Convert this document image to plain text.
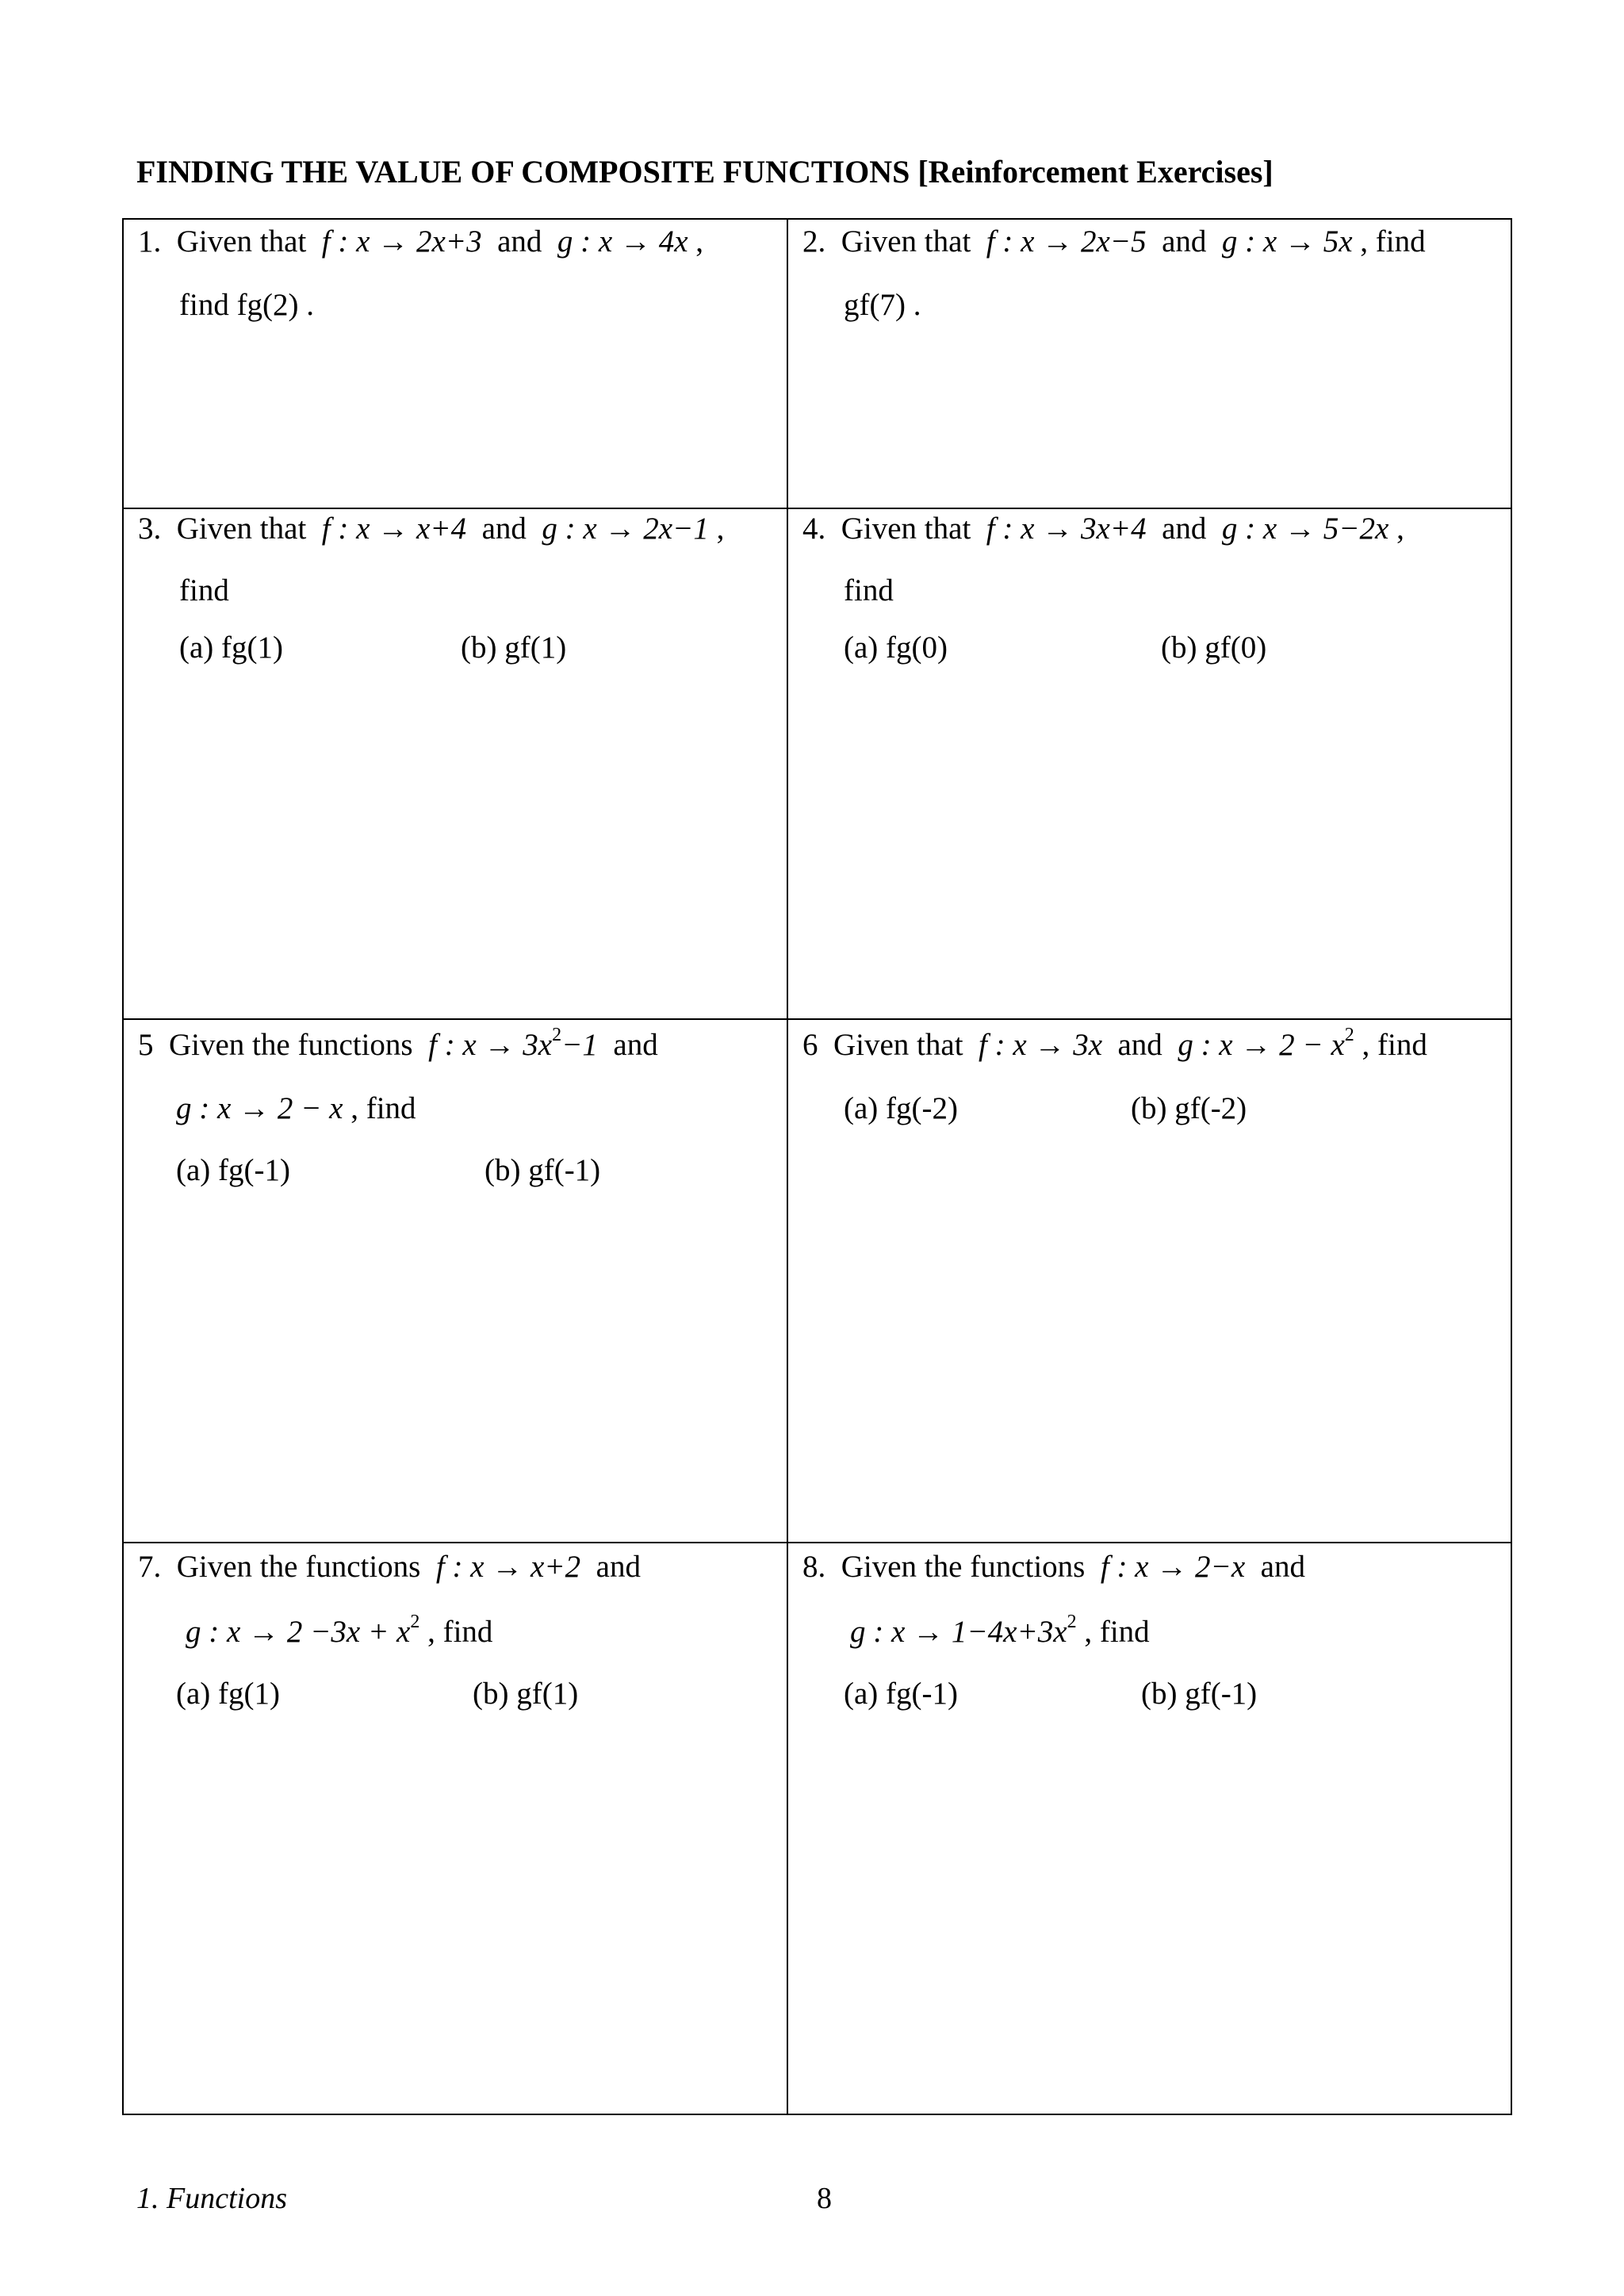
FINDING THE VALUE OF COMPOSITE FUNCTIONS [Reinforcement Exercises]
1. Given that f : x → 2x+3 and g : x → 4x ,
find fg(2) .
2. Given that f : x → 2x−5 and g : x → 5x , find
gf(7) .
3. Given that f : x → x+4 and g : x → 2x−1 ,
find
(a) fg(1)	(b) gf(1)
4. Given that f : x → 3x+4 and g : x → 5−2x ,
find
(a) fg(0)	(b) gf(0)
5 Given the functions f : $x \to 3x^2-1$ and
g : x → 2 − x , find
(a) fg(-1)	(b) gf(-1)
6 Given that f : x → 3x and g : $x \to 2 - x^2$ , find
(a) fg(-2)	(b) gf(-2)
7. Given the functions f : x → x+2 and
g : $x \to 2 -3x + x^2$ , find
(a) fg(1)	(b) gf(1)
8. Given the functions f : x → 2−x and
g : $x \to 1-4x+3x^2$ , find
(a) fg(-1)	(b) gf(-1)
1. Functions	8
